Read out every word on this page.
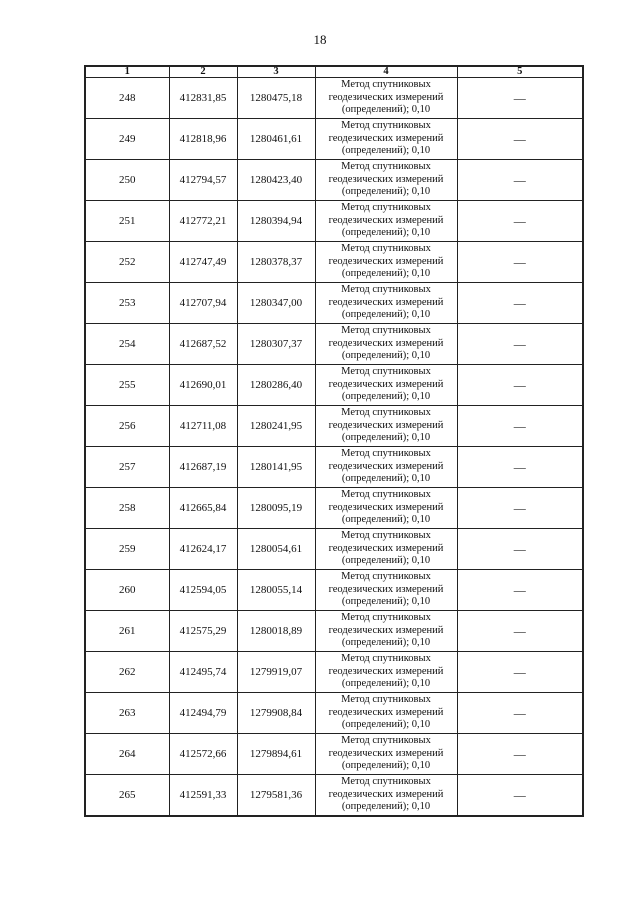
18
1	2	3	4	5
248	412831,85	1280475,18	Метод спутниковых
геодезических измерений
(определений); 0,10	—
249	412818,96	1280461,61	Метод спутниковых
геодезических измерений
(определений); 0,10	—
250	412794,57	1280423,40	Метод спутниковых
геодезических измерений
(определений); 0,10	—
251	412772,21	1280394,94	Метод спутниковых
геодезических измерений
(определений); 0,10	—
252	412747,49	1280378,37	Метод спутниковых
геодезических измерений
(определений); 0,10	—
253	412707,94	1280347,00	Метод спутниковых
геодезических измерений
(определений); 0,10	—
254	412687,52	1280307,37	Метод спутниковых
геодезических измерений
(определений); 0,10	—
255	412690,01	1280286,40	Метод спутниковых
геодезических измерений
(определений); 0,10	—
256	412711,08	1280241,95	Метод спутниковых
геодезических измерений
(определений); 0,10	—
257	412687,19	1280141,95	Метод спутниковых
геодезических измерений
(определений); 0,10	—
258	412665,84	1280095,19	Метод спутниковых
геодезических измерений
(определений); 0,10	—
259	412624,17	1280054,61	Метод спутниковых
геодезических измерений
(определений); 0,10	—
260	412594,05	1280055,14	Метод спутниковых
геодезических измерений
(определений); 0,10	—
261	412575,29	1280018,89	Метод спутниковых
геодезических измерений
(определений); 0,10	—
262	412495,74	1279919,07	Метод спутниковых
геодезических измерений
(определений); 0,10	—
263	412494,79	1279908,84	Метод спутниковых
геодезических измерений
(определений); 0,10	—
264	412572,66	1279894,61	Метод спутниковых
геодезических измерений
(определений); 0,10	—
265	412591,33	1279581,36	Метод спутниковых
геодезических измерений
(определений); 0,10	—
